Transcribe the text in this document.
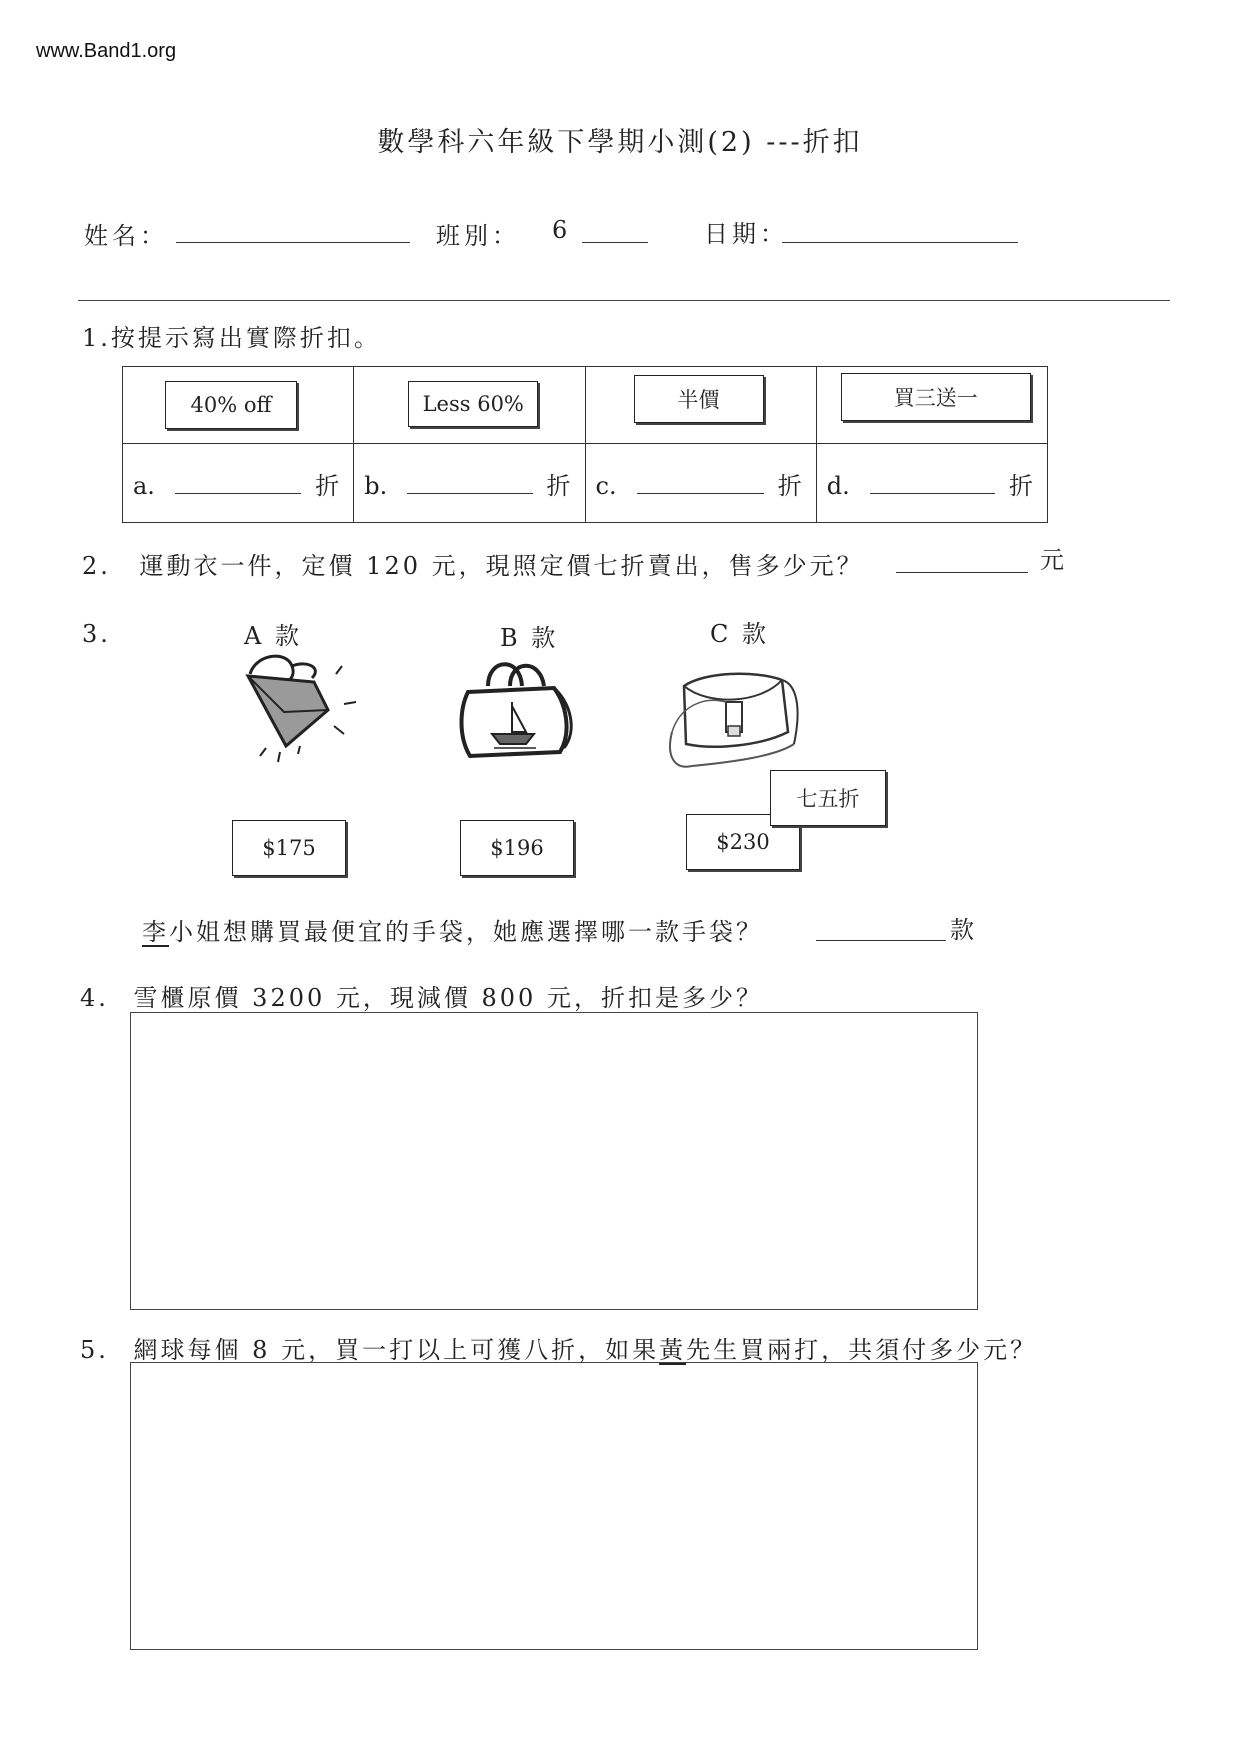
www.Band1.org
數學科六年級下學期小測(2) ---折扣
姓名：	班別： 6	日期：
1.按提示寫出實際折扣。
40% off	Less 60%	半價	買三送一

a. 折	b. 折	c. 折	d. 折
2. 運動衣一件，定價 120 元，現照定價七折賣出，售多少元？	元
3.	A 款	B 款	C 款
$175	$196	$230
七五折
李小姐想購買最便宜的手袋，她應選擇哪一款手袋？	款
4. 雪櫃原價 3200 元，現減價 800 元，折扣是多少？
5. 網球每個 8 元，買一打以上可獲八折，如果黃先生買兩打，共須付多少元？
